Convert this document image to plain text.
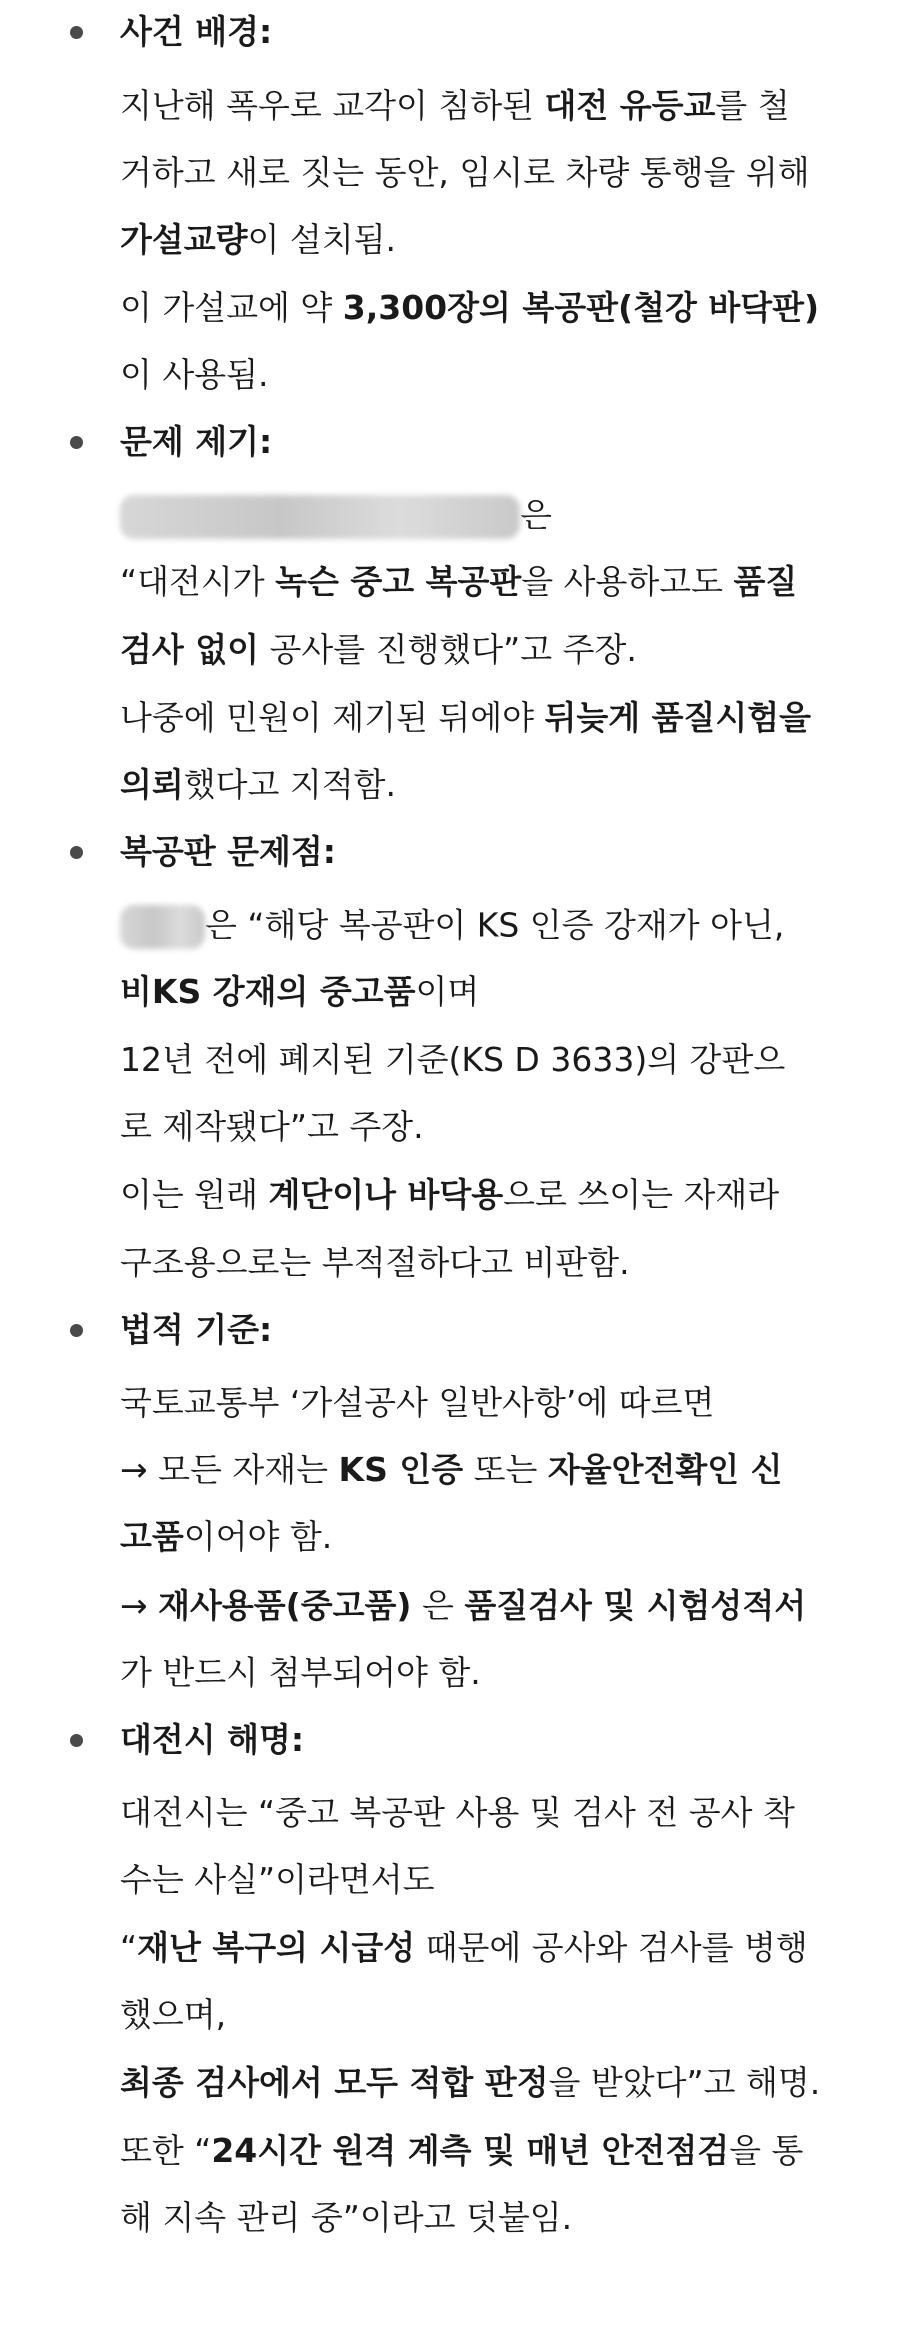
사건 배경:
지난해 폭우로 교각이 침하된 대전 유등교를 철
거하고 새로 짓는 동안, 임시로 차량 통행을 위해
가설교량이 설치됨.
이 가설교에 약 3,300장의 복공판(철강 바닥판)
이 사용됨.
문제 제기:
은
“대전시가 녹슨 중고 복공판을 사용하고도 품질
검사 없이 공사를 진행했다”고 주장.
나중에 민원이 제기된 뒤에야 뒤늦게 품질시험을
의뢰했다고 지적함.
복공판 문제점:
은 “해당 복공판이 KS 인증 강재가 아닌,
비KS 강재의 중고품이며
12년 전에 폐지된 기준(KS D 3633)의 강판으
로 제작됐다”고 주장.
이는 원래 계단이나 바닥용으로 쓰이는 자재라
구조용으로는 부적절하다고 비판함.
법적 기준:
국토교통부 ‘가설공사 일반사항’에 따르면
→ 모든 자재는 KS 인증 또는 자율안전확인 신
고품이어야 함.
→ 재사용품(중고품) 은 품질검사 및 시험성적서
가 반드시 첨부되어야 함.
대전시 해명:
대전시는 “중고 복공판 사용 및 검사 전 공사 착
수는 사실”이라면서도
“재난 복구의 시급성 때문에 공사와 검사를 병행
했으며,
최종 검사에서 모두 적합 판정을 받았다”고 해명.
또한 “24시간 원격 계측 및 매년 안전점검을 통
해 지속 관리 중”이라고 덧붙임.
